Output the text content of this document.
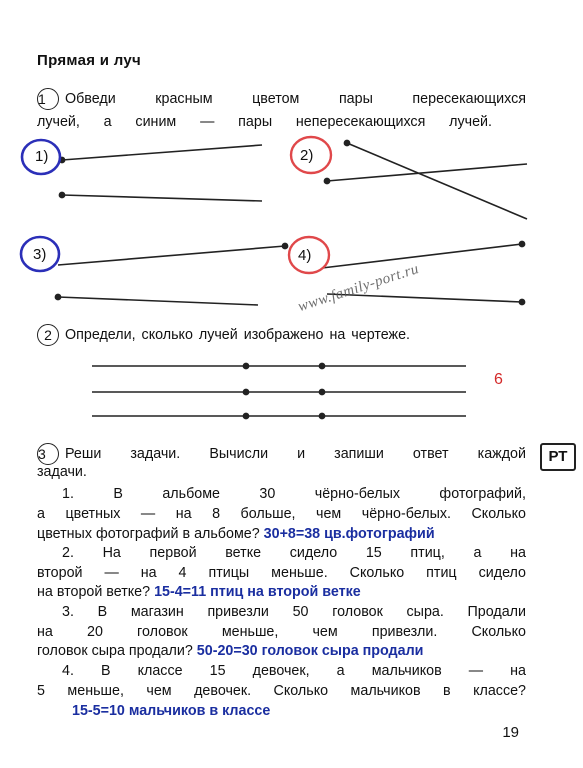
Прямая и луч
1 Обведи красным цветом пары пересекающихся
лучей, а синим — пары непересекающихся лучей.
1)	2)
3)	4)
www.family-port.ru
2 Определи, сколько лучей изображено на чертеже.
6
РТ
3 Реши задачи. Вычисли и запиши ответ каждой
задачи.
1. В альбоме 30 чёрно-белых фотографий,
а цветных — на 8 больше, чем чёрно-белых. Сколько
цветных фотографий в альбоме? 30+8=38 цв.фотографий
2. На первой ветке сидело 15 птиц, а на
второй — на 4 птицы меньше. Сколько птиц сидело
на второй ветке? 15-4=11 птиц на второй ветке
3. В магазин привезли 50 головок сыра. Продали
на 20 головок меньше, чем привезли. Сколько
головок сыра продали? 50-20=30 головок сыра продали
4. В классе 15 девочек, а мальчиков — на
5 меньше, чем девочек. Сколько мальчиков в классе?
15-5=10 мальчиков в классе
19
